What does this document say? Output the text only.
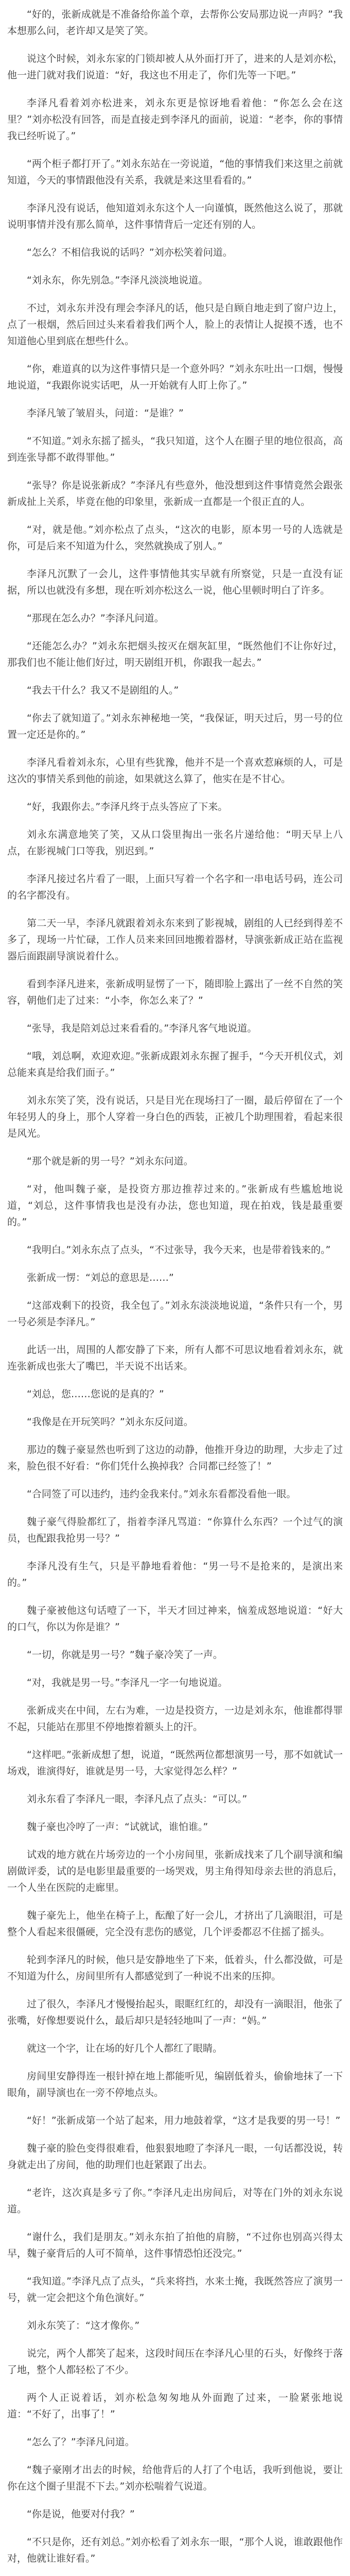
“好的，张新成就是不准备给你盖个章，去帮你公安局那边说一声吗？”我本想那么问，老许却又是笑了笑。

说这个时候，刘永东家的门锁却被人从外面打开了，进来的人是刘亦松，他一进门就对我们说道：“好，我这也不用走了，你们先等一下吧。”

李泽凡看着刘亦松进来，刘永东更是惊讶地看着他：“你怎么会在这里？”刘亦松没有回答，而是直接走到李泽凡的面前，说道：“老李，你的事情我已经听说了。”

“两个柜子都打开了。”刘永东站在一旁说道，“他的事情我们来这里之前就知道，今天的事情跟他没有关系，我就是来这里看看的。”

李泽凡没有说话，他知道刘永东这个人一向谨慎，既然他这么说了，那就说明事情并没有那么简单，这件事情背后一定还有别的人。

“怎么？不相信我说的话吗？”刘亦松笑着问道。

“刘永东，你先别急。”李泽凡淡淡地说道。

不过，刘永东并没有理会李泽凡的话，他只是自顾自地走到了窗户边上，点了一根烟，然后回过头来看着我们两个人，脸上的表情让人捉摸不透，也不知道他心里到底在想些什么。

“你，难道真的以为这件事情只是一个意外吗？”刘永东吐出一口烟，慢慢地说道，“我跟你说实话吧，从一开始就有人盯上你了。”

李泽凡皱了皱眉头，问道：“是谁？”

“不知道。”刘永东摇了摇头，“我只知道，这个人在圈子里的地位很高，高到连张导都不敢得罪他。”

“张导？你是说张新成？”李泽凡有些意外，他没想到这件事情竟然会跟张新成扯上关系，毕竟在他的印象里，张新成一直都是一个很正直的人。

“对，就是他。”刘亦松点了点头，“这次的电影，原本男一号的人选就是你，可是后来不知道为什么，突然就换成了别人。”

李泽凡沉默了一会儿，这件事情他其实早就有所察觉，只是一直没有证据，所以也就没有多想，现在听刘亦松这么一说，他心里顿时明白了许多。

“那现在怎么办？”李泽凡问道。

“还能怎么办？”刘永东把烟头按灭在烟灰缸里，“既然他们不让你好过，那我们也不能让他们好过，明天剧组开机，你跟我一起去。”

“我去干什么？我又不是剧组的人。”

“你去了就知道了。”刘永东神秘地一笑，“我保证，明天过后，男一号的位置一定还是你的。”

李泽凡看着刘永东，心里有些犹豫，他并不是一个喜欢惹麻烦的人，可是这次的事情关系到他的前途，如果就这么算了，他实在是不甘心。

“好，我跟你去。”李泽凡终于点头答应了下来。

刘永东满意地笑了笑，又从口袋里掏出一张名片递给他：“明天早上八点，在影视城门口等我，别迟到。”

李泽凡接过名片看了一眼，上面只写着一个名字和一串电话号码，连公司的名字都没有。

第二天一早，李泽凡就跟着刘永东来到了影视城，剧组的人已经到得差不多了，现场一片忙碌，工作人员来来回回地搬着器材，导演张新成正站在监视器后面跟副导演说着什么。

看到李泽凡进来，张新成明显愣了一下，随即脸上露出了一丝不自然的笑容，朝他们走了过来：“小李，你怎么来了？”

“张导，我是陪刘总过来看看的。”李泽凡客气地说道。

“哦，刘总啊，欢迎欢迎。”张新成跟刘永东握了握手，“今天开机仪式，刘总能来真是给我们面子。”

刘永东笑了笑，没有说话，只是目光在现场扫了一圈，最后停留在了一个年轻男人的身上，那个人穿着一身白色的西装，正被几个助理围着，看起来很是风光。

“那个就是新的男一号？”刘永东问道。

“对，他叫魏子豪，是投资方那边推荐过来的。”张新成有些尴尬地说道，“刘总，这件事情我也是没有办法，您也知道，现在拍戏，钱是最重要的。”

“我明白。”刘永东点了点头，“不过张导，我今天来，也是带着钱来的。”

张新成一愣：“刘总的意思是……”

“这部戏剩下的投资，我全包了。”刘永东淡淡地说道，“条件只有一个，男一号必须是李泽凡。”

此话一出，周围的人都安静了下来，所有人都不可思议地看着刘永东，就连张新成也张大了嘴巴，半天说不出话来。

“刘总，您……您说的是真的？”

“我像是在开玩笑吗？”刘永东反问道。

那边的魏子豪显然也听到了这边的动静，他推开身边的助理，大步走了过来，脸色很不好看：“你们凭什么换掉我？合同都已经签了！”

“合同签了可以违约，违约金我来付。”刘永东看都没看他一眼。

魏子豪气得脸都红了，指着李泽凡骂道：“你算什么东西？一个过气的演员，也配跟我抢男一号？”

李泽凡没有生气，只是平静地看着他：“男一号不是抢来的，是演出来的。”

魏子豪被他这句话噎了一下，半天才回过神来，恼羞成怒地说道：“好大的口气，你以为你是谁？”

“一切，你就是男一号？”魏子豪冷笑了一声。

“对，我就是男一号。”李泽凡一字一句地说道。

张新成夹在中间，左右为难，一边是投资方，一边是刘永东，他谁都得罪不起，只能站在那里不停地擦着额头上的汗。

“这样吧。”张新成想了想，说道，“既然两位都想演男一号，那不如就试一场戏，谁演得好，谁就是男一号，大家觉得怎么样？”

刘永东看了李泽凡一眼，李泽凡点了点头：“可以。”

魏子豪也冷哼了一声：“试就试，谁怕谁。”

试戏的地方就在片场旁边的一个小房间里，张新成找来了几个副导演和编剧做评委，试的是电影里最重要的一场哭戏，男主角得知母亲去世的消息后，一个人坐在医院的走廊里。

魏子豪先上，他坐在椅子上，酝酿了好一会儿，才挤出了几滴眼泪，可是整个人看起来很僵硬，完全没有悲伤的感觉，几个评委都忍不住摇了摇头。

轮到李泽凡的时候，他只是安静地坐了下来，低着头，什么都没做，可是不知道为什么，房间里所有人都感觉到了一种说不出来的压抑。

过了很久，李泽凡才慢慢抬起头，眼眶红红的，却没有一滴眼泪，他张了张嘴，好像想要说什么，最后却只是轻轻地叫了一声：“妈。”

就这一个字，让在场的好几个人都红了眼睛。

房间里安静得连一根针掉在地上都能听见，编剧低着头，偷偷地抹了一下眼角，副导演也在一旁不停地点头。

“好！”张新成第一个站了起来，用力地鼓着掌，“这才是我要的男一号！”

魏子豪的脸色变得很难看，他狠狠地瞪了李泽凡一眼，一句话都没说，转身就走出了房间，他的助理们也赶紧跟了出去。

“老许，这次真是多亏了你。”李泽凡走出房间后，对等在门外的刘永东说道。

“谢什么，我们是朋友。”刘永东拍了拍他的肩膀，“不过你也别高兴得太早，魏子豪背后的人可不简单，这件事情恐怕还没完。”

“我知道。”李泽凡点了点头，“兵来将挡，水来土掩，我既然答应了演男一号，就一定会把这个角色演好。”

刘永东笑了：“这才像你。”

说完，两个人都笑了起来，这段时间压在李泽凡心里的石头，好像终于落了地，整个人都轻松了不少。

两个人正说着话，刘亦松急匆匆地从外面跑了过来，一脸紧张地说道：“不好了，出事了！”

“怎么了？”李泽凡问道。

“魏子豪刚才出去的时候，给他背后的人打了个电话，我听到他说，要让你在这个圈子里混不下去。”刘亦松喘着气说道。

“你是说，他要对付我？”

“不只是你，还有刘总。”刘亦松看了刘永东一眼，“那个人说，谁敢跟他作对，他就让谁好看。”
